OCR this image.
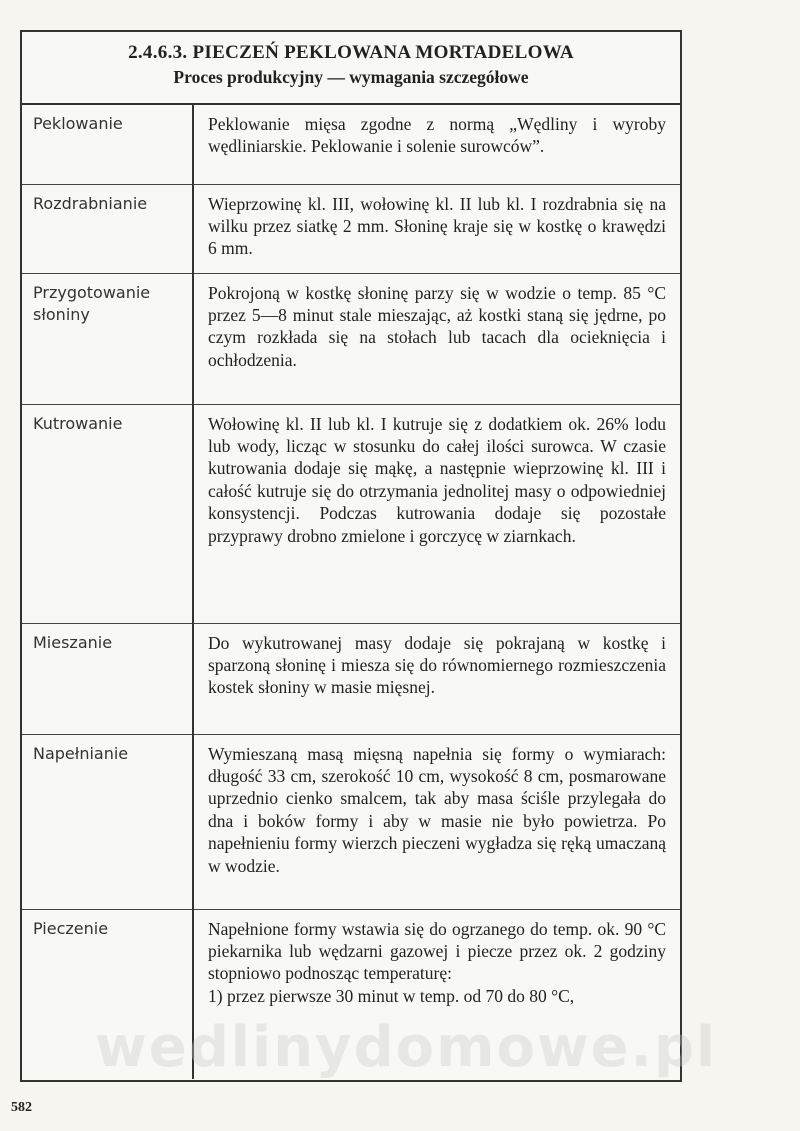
2.4.6.3. PIECZEŃ PEKLOWANA MORTADELOWA
Proces produkcyjny — wymagania szczegółowe
Peklowanie	Peklowanie mięsa zgodne z normą „Wędliny i wyroby wędliniarskie. Peklowanie i solenie surowców”.
Rozdrabnianie	Wieprzowinę kl. III, wołowinę kl. II lub kl. I rozdrabnia się na wilku przez siatkę 2 mm. Słoninę kraje się w kostkę o krawędzi 6 mm.
Przygotowanie słoniny	Pokrojoną w kostkę słoninę parzy się w wodzie o temp. 85 °C przez 5—8 minut stale mieszając, aż kostki staną się jędrne, po czym rozkłada się na stołach lub tacach dla ocieknięcia i ochłodzenia.
Kutrowanie	Wołowinę kl. II lub kl. I kutruje się z dodatkiem ok. 26% lodu lub wody, licząc w stosunku do całej ilości surowca. W czasie kutrowania dodaje się mąkę, a następnie wieprzowinę kl. III i całość kutruje się do otrzymania jednolitej masy o odpowiedniej konsystencji. Podczas kutrowania dodaje się pozostałe przyprawy drobno zmielone i gorczycę w ziarnkach.
Mieszanie	Do wykutrowanej masy dodaje się pokrajaną w kostkę i sparzoną słoninę i miesza się do równomiernego rozmieszczenia kostek słoniny w masie mięsnej.
Napełnianie	Wymieszaną masą mięsną napełnia się formy o wymiarach: długość 33 cm, szerokość 10 cm, wysokość 8 cm, posmarowane uprzednio cienko smalcem, tak aby masa ściśle przylegała do dna i boków formy i aby w masie nie było powietrza. Po napełnieniu formy wierzch pieczeni wygładza się ręką umaczaną w wodzie.
Pieczenie	Napełnione formy wstawia się do ogrzanego do temp. ok. 90 °C piekarnika lub wędzarni gazowej i piecze przez ok. 2 godziny stopniowo podnosząc temperaturę:
1) przez pierwsze 30 minut w temp. od 70 do 80 °C,
wedlinydomowe.pl
582
